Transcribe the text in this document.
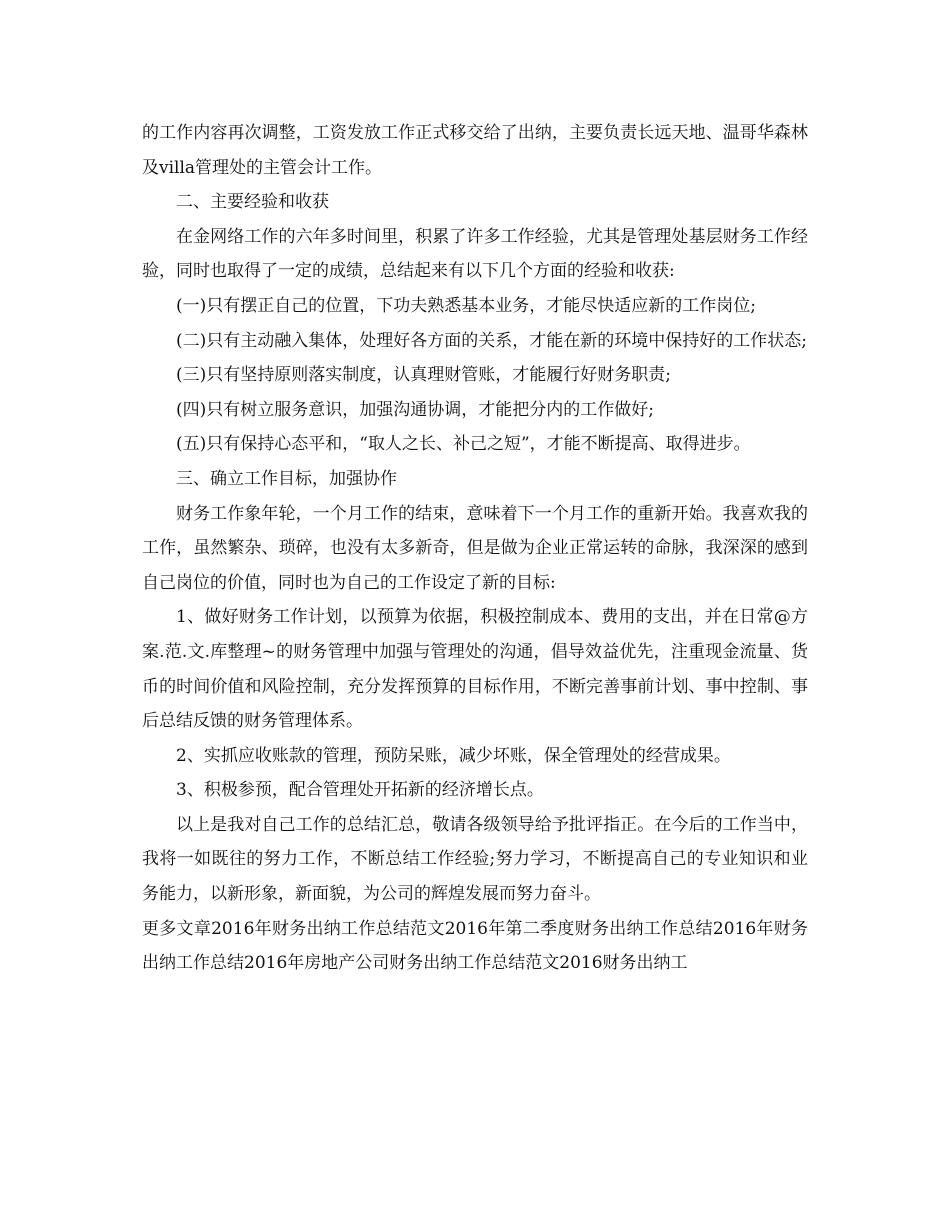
的工作内容再次调整，工资发放工作正式移交给了出纳，主要负责长远天地、温哥华森林及villa管理处的主管会计工作。

二、主要经验和收获

在金网络工作的六年多时间里，积累了许多工作经验，尤其是管理处基层财务工作经验，同时也取得了一定的成绩，总结起来有以下几个方面的经验和收获:

(一)只有摆正自己的位置，下功夫熟悉基本业务，才能尽快适应新的工作岗位;

(二)只有主动融入集体，处理好各方面的关系，才能在新的环境中保持好的工作状态;

(三)只有坚持原则落实制度，认真理财管账，才能履行好财务职责;

(四)只有树立服务意识，加强沟通协调，才能把分内的工作做好;

(五)只有保持心态平和，“取人之长、补己之短”，才能不断提高、取得进步。

三、确立工作目标，加强协作

财务工作象年轮，一个月工作的结束，意味着下一个月工作的重新开始。我喜欢我的工作，虽然繁杂、琐碎，也没有太多新奇，但是做为企业正常运转的命脉，我深深的感到自己岗位的价值，同时也为自己的工作设定了新的目标:

1、做好财务工作计划，以预算为依据，积极控制成本、费用的支出，并在日常@方案.范.文.库整理~的财务管理中加强与管理处的沟通，倡导效益优先，注重现金流量、货币的时间价值和风险控制，充分发挥预算的目标作用，不断完善事前计划、事中控制、事后总结反馈的财务管理体系。

2、实抓应收账款的管理，预防呆账，减少坏账，保全管理处的经营成果。

3、积极参预，配合管理处开拓新的经济增长点。

以上是我对自己工作的总结汇总，敬请各级领导给予批评指正。在今后的工作当中，我将一如既往的努力工作，不断总结工作经验;努力学习，不断提高自己的专业知识和业务能力，以新形象，新面貌，为公司的辉煌发展而努力奋斗。

更多文章2016年财务出纳工作总结范文2016年第二季度财务出纳工作总结2016年财务出纳工作总结2016年房地产公司财务出纳工作总结范文2016财务出纳工
